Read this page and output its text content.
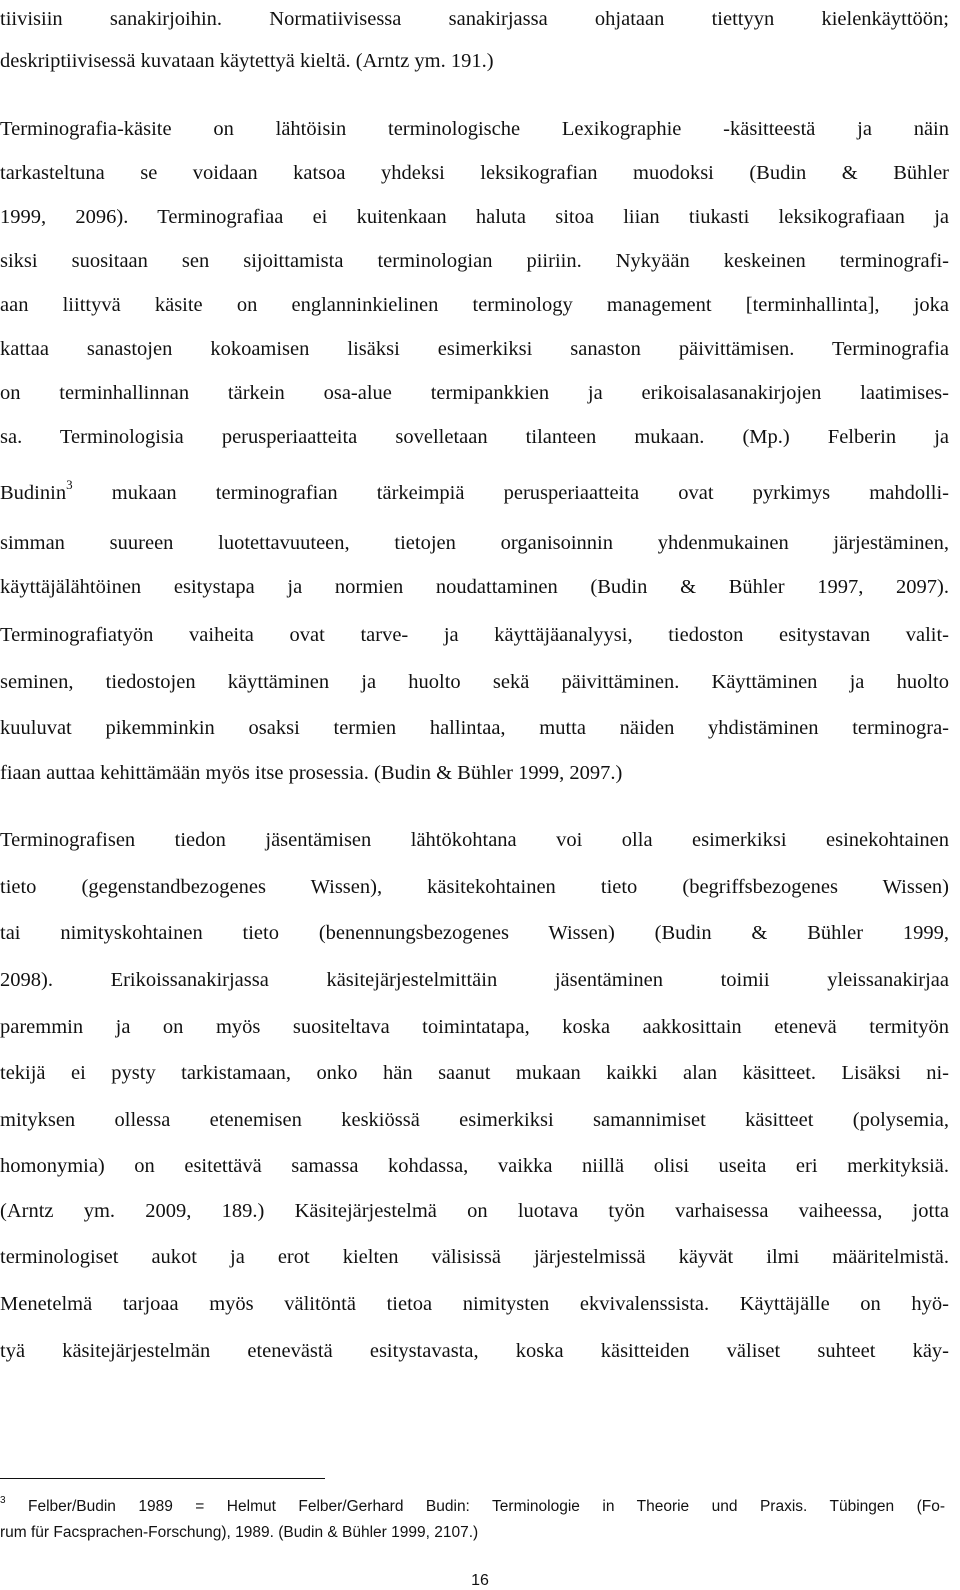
tiivisiin sanakirjoihin. Normatiivisessa sanakirjassa ohjataan tiettyyn kielenkäyttöön;
deskriptiivisessä kuvataan käytettyä kieltä. (Arntz ym. 191.)
Terminografia-käsite on lähtöisin terminologische Lexikographie -käsitteestä ja näin
tarkasteltuna se voidaan katsoa yhdeksi leksikografian muodoksi (Budin & Bühler
1999, 2096). Terminografiaa ei kuitenkaan haluta sitoa liian tiukasti leksikografiaan ja
siksi suositaan sen sijoittamista terminologian piiriin. Nykyään keskeinen terminografi-
aan liittyvä käsite on englanninkielinen terminology management [terminhallinta], joka
kattaa sanastojen kokoamisen lisäksi esimerkiksi sanaston päivittämisen. Terminografia
on terminhallinnan tärkein osa-alue termipankkien ja erikoisalasanakirjojen laatimises-
sa. Terminologisia perusperiaatteita sovelletaan tilanteen mukaan. (Mp.) Felberin ja
Budinin$^3$ mukaan terminografian tärkeimpiä perusperiaatteita ovat pyrkimys mahdolli-
simman suureen luotettavuuteen, tietojen organisoinnin yhdenmukainen järjestäminen,
käyttäjälähtöinen esitystapa ja normien noudattaminen (Budin & Bühler 1997, 2097).
Terminografiatyön vaiheita ovat tarve- ja käyttäjäanalyysi, tiedoston esitystavan valit-
seminen, tiedostojen käyttäminen ja huolto sekä päivittäminen. Käyttäminen ja huolto
kuuluvat pikemminkin osaksi termien hallintaa, mutta näiden yhdistäminen terminogra-
fiaan auttaa kehittämään myös itse prosessia. (Budin & Bühler 1999, 2097.)
Terminografisen tiedon jäsentämisen lähtökohtana voi olla esimerkiksi esinekohtainen
tieto (gegenstandbezogenes Wissen), käsitekohtainen tieto (begriffsbezogenes Wissen)
tai nimityskohtainen tieto (benennungsbezogenes Wissen) (Budin & Bühler 1999,
2098). Erikoissanakirjassa käsitejärjestelmittäin jäsentäminen toimii yleissanakirjaa
paremmin ja on myös suositeltava toimintatapa, koska aakkosittain etenevä termityön
tekijä ei pysty tarkistamaan, onko hän saanut mukaan kaikki alan käsitteet. Lisäksi ni-
mityksen ollessa etenemisen keskiössä esimerkiksi samannimiset käsitteet (polysemia,
homonymia) on esitettävä samassa kohdassa, vaikka niillä olisi useita eri merkityksiä.
(Arntz ym. 2009, 189.) Käsitejärjestelmä on luotava työn varhaisessa vaiheessa, jotta
terminologiset aukot ja erot kielten välisissä järjestelmissä käyvät ilmi määritelmistä.
Menetelmä tarjoaa myös välitöntä tietoa nimitysten ekvivalenssista. Käyttäjälle on hyö-
tyä käsitejärjestelmän etenevästä esitystavasta, koska käsitteiden väliset suhteet käy-
$^3$ Felber/Budin 1989 = Helmut Felber/Gerhard Budin: Terminologie in Theorie und Praxis. Tübingen (Fo-
rum für Facsprachen-Forschung), 1989. (Budin & Bühler 1999, 2107.)
16
